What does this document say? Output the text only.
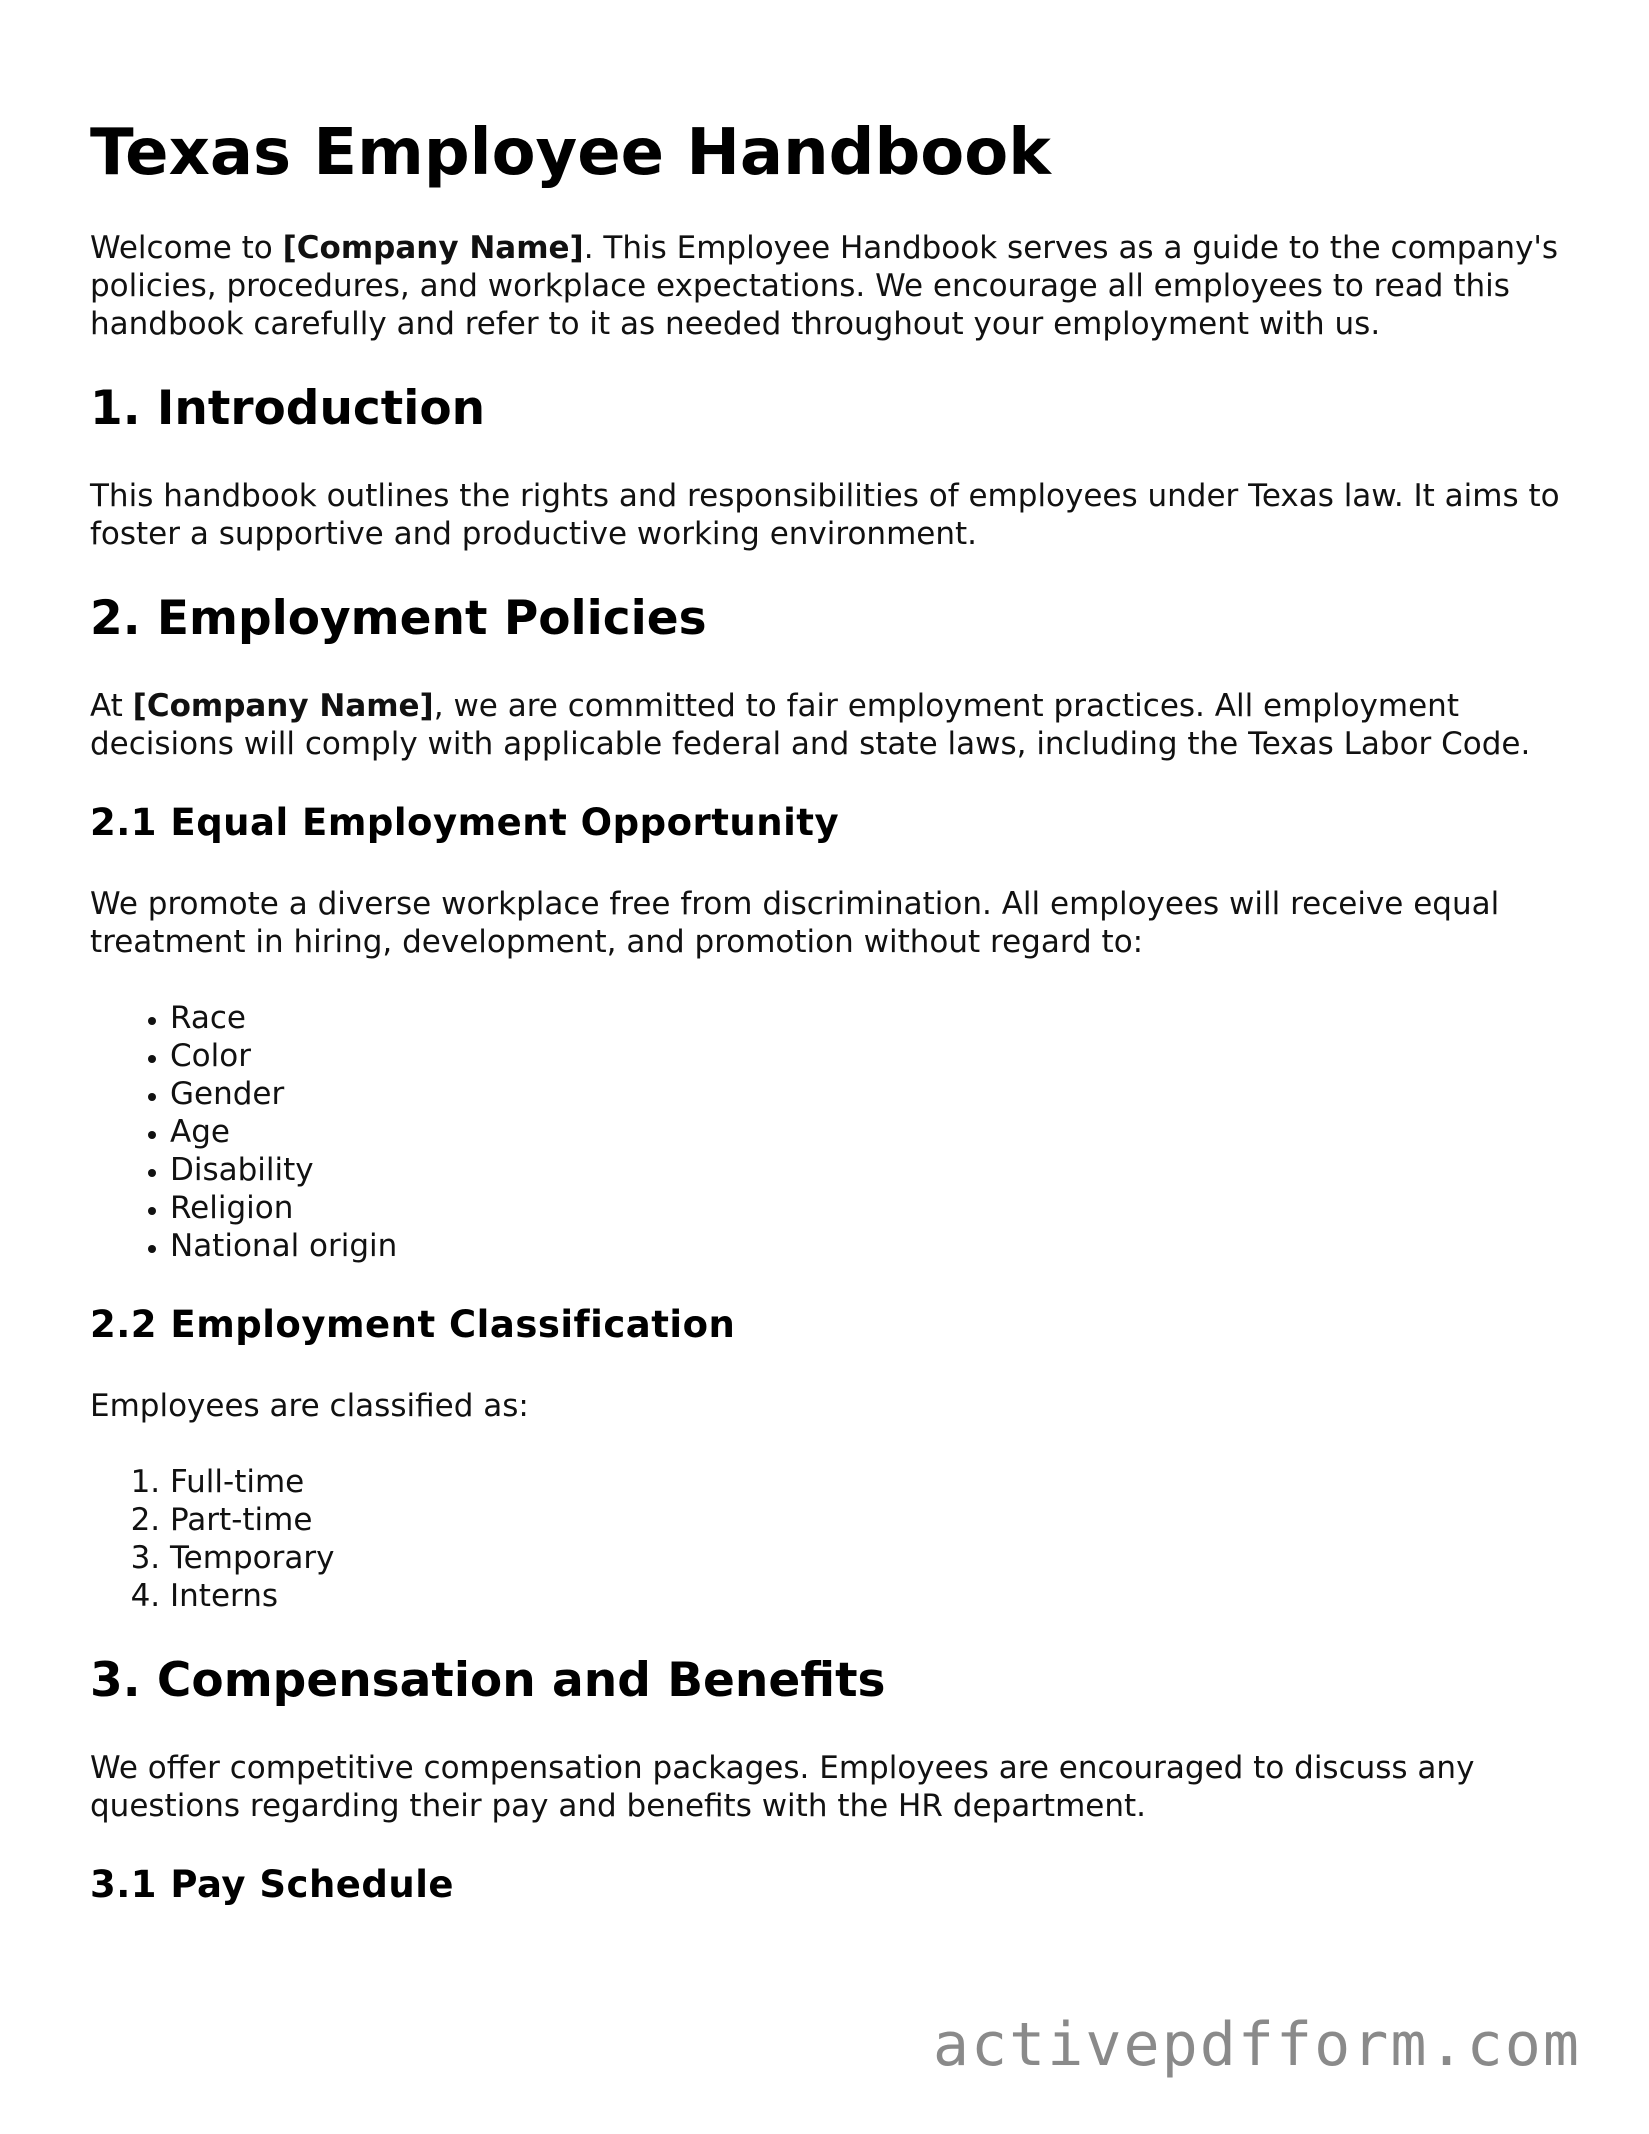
Texas Employee Handbook

Welcome to [Company Name]. This Employee Handbook serves as a guide to the company's policies, procedures, and workplace expectations. We encourage all employees to read this handbook carefully and refer to it as needed throughout your employment with us.

1. Introduction

This handbook outlines the rights and responsibilities of employees under Texas law. It aims to foster a supportive and productive working environment.

2. Employment Policies

At [Company Name], we are committed to fair employment practices. All employment decisions will comply with applicable federal and state laws, including the Texas Labor Code.

2.1 Equal Employment Opportunity

We promote a diverse workplace free from discrimination. All employees will receive equal treatment in hiring, development, and promotion without regard to:

• Race
• Color
• Gender
• Age
• Disability
• Religion
• National origin
2.2 Employment Classification

Employees are classified as:

1. Full-time
2. Part-time
3. Temporary
4. Interns
3. Compensation and Benefits

We offer competitive compensation packages. Employees are encouraged to discuss any questions regarding their pay and benefits with the HR department.

3.1 Pay Schedule
activepdfform.com
